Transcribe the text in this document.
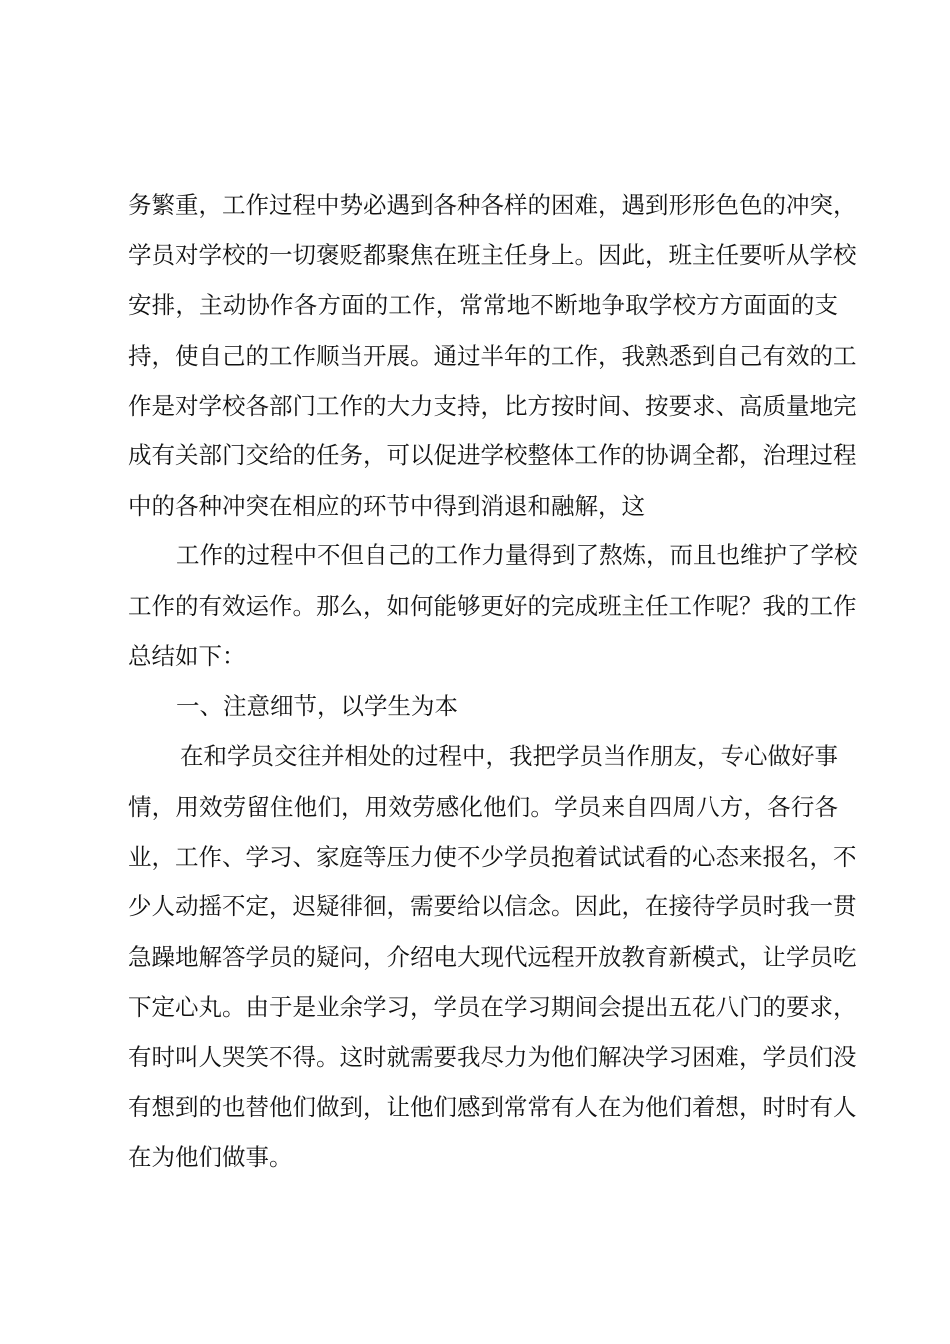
务繁重，工作过程中势必遇到各种各样的困难，遇到形形色色的冲突，
学员对学校的一切褒贬都聚焦在班主任身上。因此，班主任要听从学校
安排，主动协作各方面的工作，常常地不断地争取学校方方面面的支
持，使自己的工作顺当开展。通过半年的工作，我熟悉到自己有效的工
作是对学校各部门工作的大力支持，比方按时间、按要求、高质量地完
成有关部门交给的任务，可以促进学校整体工作的协调全都，治理过程
中的各种冲突在相应的环节中得到消退和融解，这
工作的过程中不但自己的工作力量得到了熬炼，而且也维护了学校
工作的有效运作。那么，如何能够更好的完成班主任工作呢？我的工作
总结如下：
一、注意细节，以学生为本
在和学员交往并相处的过程中，我把学员当作朋友，专心做好事
情，用效劳留住他们，用效劳感化他们。学员来自四周八方，各行各
业，工作、学习、家庭等压力使不少学员抱着试试看的心态来报名，不
少人动摇不定，迟疑徘徊，需要给以信念。因此，在接待学员时我一贯
急躁地解答学员的疑问，介绍电大现代远程开放教育新模式，让学员吃
下定心丸。由于是业余学习，学员在学习期间会提出五花八门的要求，
有时叫人哭笑不得。这时就需要我尽力为他们解决学习困难，学员们没
有想到的也替他们做到，让他们感到常常有人在为他们着想，时时有人
在为他们做事。
